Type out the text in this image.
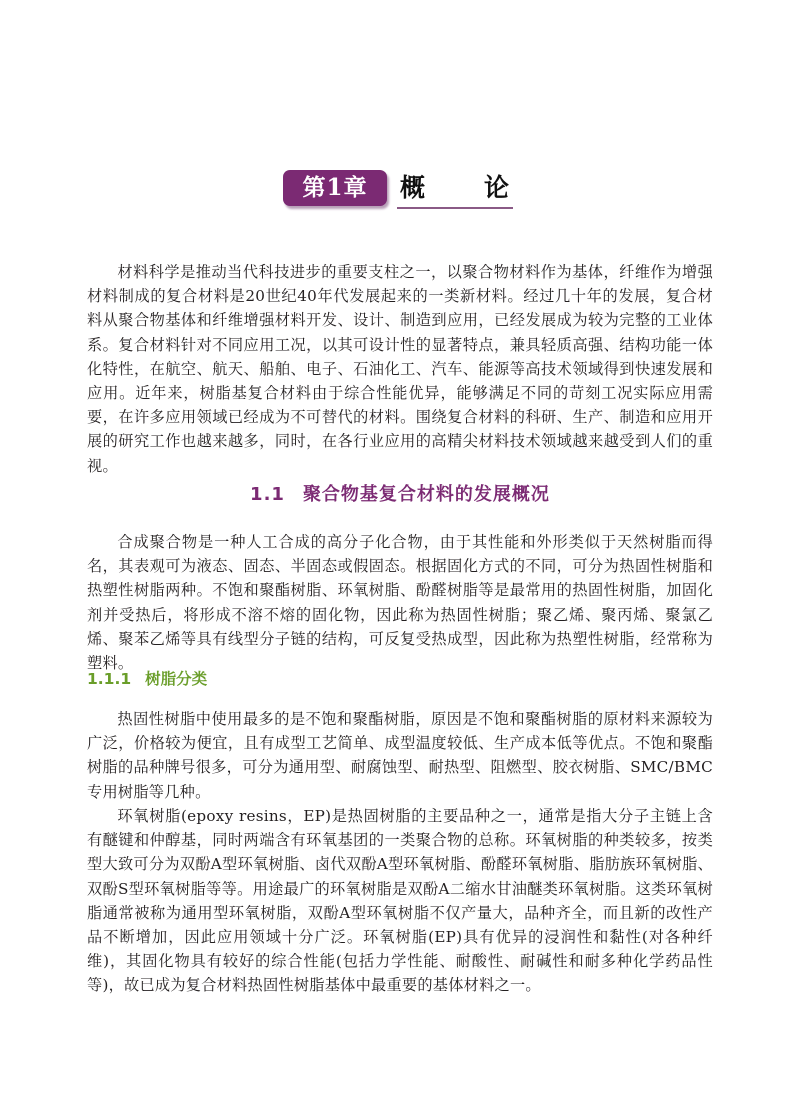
第1章	概 论

材料科学是推动当代科技进步的重要支柱之一，以聚合物材料作为基体，纤维作为增强材料制成的复合材料是20世纪40年代发展起来的一类新材料。经过几十年的发展，复合材料从聚合物基体和纤维增强材料开发、设计、制造到应用，已经发展成为较为完整的工业体系。复合材料针对不同应用工况，以其可设计性的显著特点，兼具轻质高强、结构功能一体化特性，在航空、航天、船舶、电子、石油化工、汽车、能源等高技术领域得到快速发展和应用。近年来，树脂基复合材料由于综合性能优异，能够满足不同的苛刻工况实际应用需要，在许多应用领域已经成为不可替代的材料。围绕复合材料的科研、生产、制造和应用开展的研究工作也越来越多，同时，在各行业应用的高精尖材料技术领域越来越受到人们的重视。

1.1 聚合物基复合材料的发展概况

合成聚合物是一种人工合成的高分子化合物，由于其性能和外形类似于天然树脂而得名，其表观可为液态、固态、半固态或假固态。根据固化方式的不同，可分为热固性树脂和热塑性树脂两种。不饱和聚酯树脂、环氧树脂、酚醛树脂等是最常用的热固性树脂，加固化剂并受热后，将形成不溶不熔的固化物，因此称为热固性树脂；聚乙烯、聚丙烯、聚氯乙烯、聚苯乙烯等具有线型分子链的结构，可反复受热成型，因此称为热塑性树脂，经常称为塑料。

1.1.1 树脂分类

热固性树脂中使用最多的是不饱和聚酯树脂，原因是不饱和聚酯树脂的原材料来源较为广泛，价格较为便宜，且有成型工艺简单、成型温度较低、生产成本低等优点。不饱和聚酯树脂的品种牌号很多，可分为通用型、耐腐蚀型、耐热型、阻燃型、胶衣树脂、SMC/BMC专用树脂等几种。

环氧树脂(epoxy resins，EP)是热固树脂的主要品种之一，通常是指大分子主链上含有醚键和仲醇基，同时两端含有环氧基团的一类聚合物的总称。环氧树脂的种类较多，按类型大致可分为双酚A型环氧树脂、卤代双酚A型环氧树脂、酚醛环氧树脂、脂肪族环氧树脂、双酚S型环氧树脂等等。用途最广的环氧树脂是双酚A二缩水甘油醚类环氧树脂。这类环氧树脂通常被称为通用型环氧树脂，双酚A型环氧树脂不仅产量大，品种齐全，而且新的改性产品不断增加，因此应用领域十分广泛。环氧树脂(EP)具有优异的浸润性和黏性(对各种纤维)，其固化物具有较好的综合性能(包括力学性能、耐酸性、耐碱性和耐多种化学药品性等)，故已成为复合材料热固性树脂基体中最重要的基体材料之一。
